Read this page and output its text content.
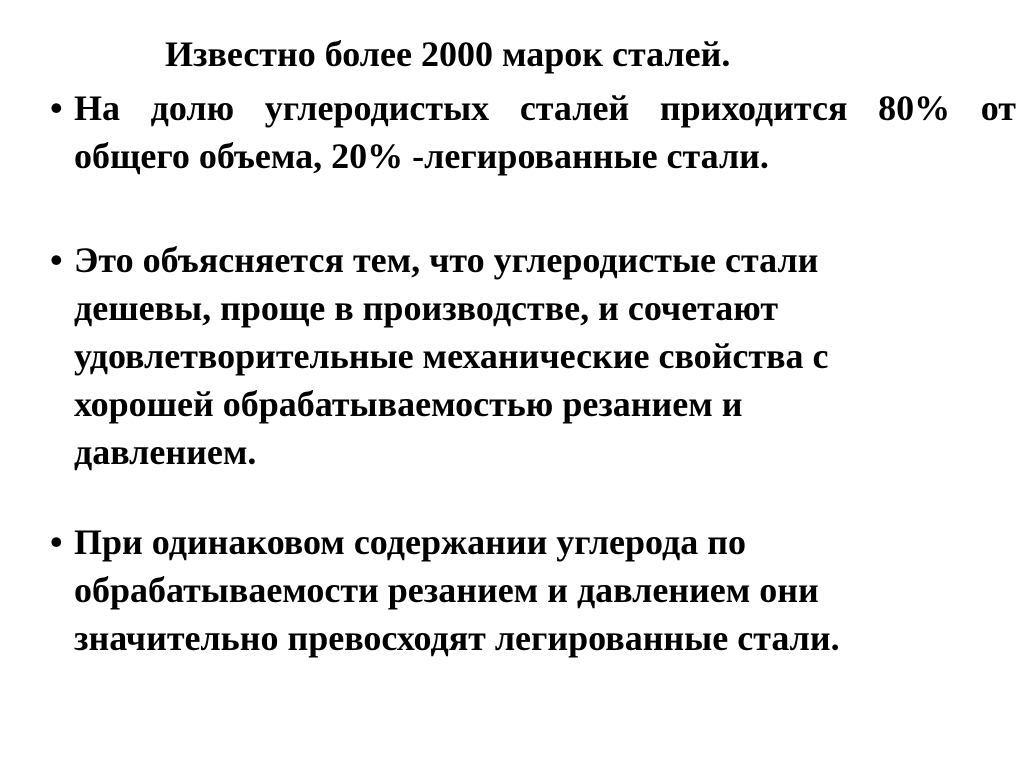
Известно более 2000 марок сталей.
• На долю углеродистых сталей приходится 80% от
общего объема, 20% -легированные стали.
• Это объясняется тем, что углеродистые стали
дешевы, проще в производстве, и сочетают
удовлетворительные механические свойства с
хорошей обрабатываемостью резанием и
давлением.
• При одинаковом содержании углерода по
обрабатываемости резанием и давлением они
значительно превосходят легированные стали.
